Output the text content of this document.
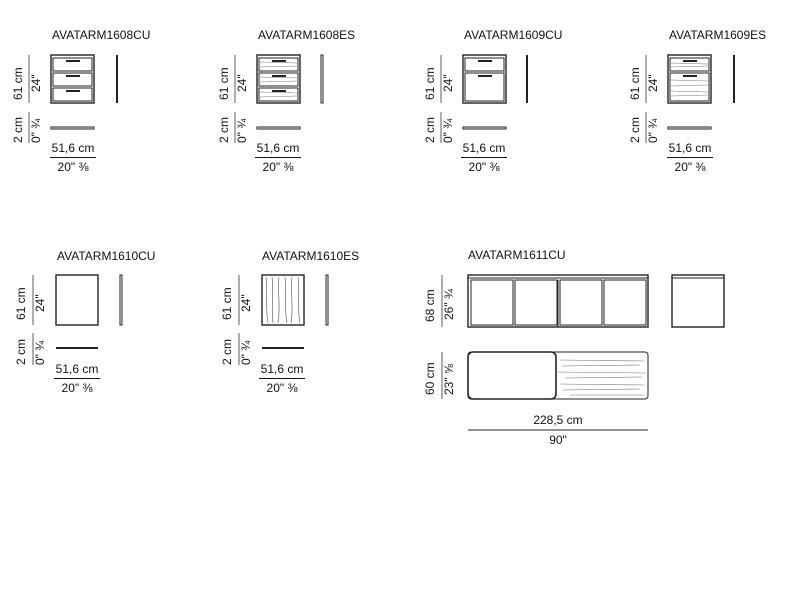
AVATARM1608CU	AVATARM1608ES	AVATARM1609CU	AVATARM1609ES
61 cm 24"
2 cm 0" ¾
61 cm 24"
2 cm 0" ¾
61 cm 24"
2 cm 0" ¾
61 cm 24"
2 cm 0" ¾
51,6 cm
20" ⅜
51,6 cm
20" ⅜
51,6 cm
20" ⅜
51,6 cm
20" ⅜
AVATARM1610CU	AVATARM1610ES	AVATARM1611CU
61 cm 24"
2 cm 0" ¾
61 cm 24"
2 cm 0" ¾
68 cm 26" ¾
60 cm 23" ⅝
51,6 cm
20" ⅜
51,6 cm
20" ⅜
228,5 cm
90"
